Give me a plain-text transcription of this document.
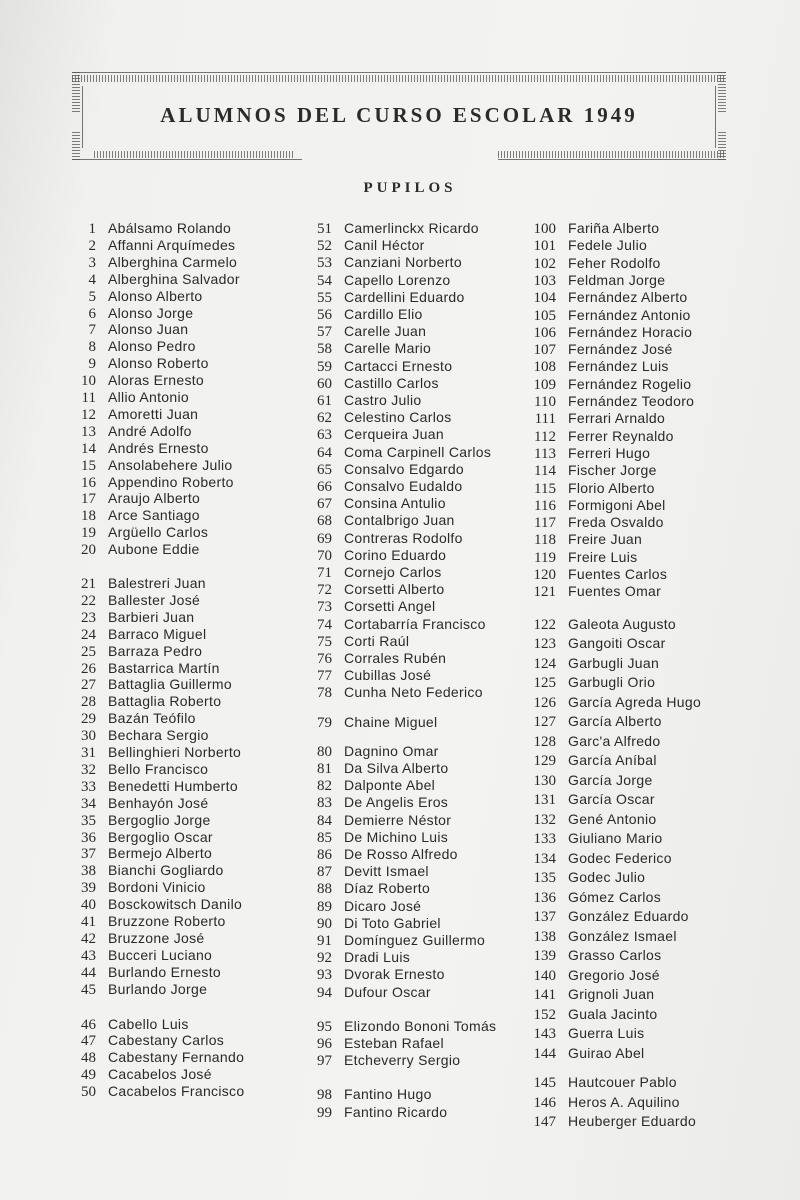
ALUMNOS DEL CURSO ESCOLAR 1949
PUPILOS
1 Abálsamo Rolando
2 Affanni Arquímedes
3 Alberghina Carmelo
4 Alberghina Salvador
5 Alonso Alberto
6 Alonso Jorge
7 Alonso Juan
8 Alonso Pedro
9 Alonso Roberto
10 Aloras Ernesto
11 Allio Antonio
12 Amoretti Juan
13 André Adolfo
14 Andrés Ernesto
15 Ansolabehere Julio
16 Appendino Roberto
17 Araujo Alberto
18 Arce Santiago
19 Argüello Carlos
20 Aubone Eddie
21 Balestreri Juan
22 Ballester José
23 Barbieri Juan
24 Barraco Miguel
25 Barraza Pedro
26 Bastarrica Martín
27 Battaglia Guillermo
28 Battaglia Roberto
29 Bazán Teófilo
30 Bechara Sergio
31 Bellinghieri Norberto
32 Bello Francisco
33 Benedetti Humberto
34 Benhayón José
35 Bergoglio Jorge
36 Bergoglio Oscar
37 Bermejo Alberto
38 Bianchi Gogliardo
39 Bordoni Vinicio
40 Bosckowitsch Danilo
41 Bruzzone Roberto
42 Bruzzone José
43 Bucceri Luciano
44 Burlando Ernesto
45 Burlando Jorge
46 Cabello Luis
47 Cabestany Carlos
48 Cabestany Fernando
49 Cacabelos José
50 Cacabelos Francisco
51 Camerlinckx Ricardo
52 Canil Héctor
53 Canziani Norberto
54 Capello Lorenzo
55 Cardellini Eduardo
56 Cardillo Elio
57 Carelle Juan
58 Carelle Mario
59 Cartacci Ernesto
60 Castillo Carlos
61 Castro Julio
62 Celestino Carlos
63 Cerqueira Juan
64 Coma Carpinell Carlos
65 Consalvo Edgardo
66 Consalvo Eudaldo
67 Consina Antulio
68 Contalbrigo Juan
69 Contreras Rodolfo
70 Corino Eduardo
71 Cornejo Carlos
72 Corsetti Alberto
73 Corsetti Angel
74 Cortabarría Francisco
75 Corti Raúl
76 Corrales Rubén
77 Cubillas José
78 Cunha Neto Federico
79 Chaine Miguel
80 Dagnino Omar
81 Da Silva Alberto
82 Dalponte Abel
83 De Angelis Eros
84 Demierre Néstor
85 De Michino Luis
86 De Rosso Alfredo
87 Devitt Ismael
88 Díaz Roberto
89 Dicaro José
90 Di Toto Gabriel
91 Domínguez Guillermo
92 Dradi Luis
93 Dvorak Ernesto
94 Dufour Oscar
95 Elizondo Bononi Tomás
96 Esteban Rafael
97 Etcheverry Sergio
98 Fantino Hugo
99 Fantino Ricardo
100 Fariña Alberto
101 Fedele Julio
102 Feher Rodolfo
103 Feldman Jorge
104 Fernández Alberto
105 Fernández Antonio
106 Fernández Horacio
107 Fernández José
108 Fernández Luis
109 Fernández Rogelio
110 Fernández Teodoro
111 Ferrari Arnaldo
112 Ferrer Reynaldo
113 Ferreri Hugo
114 Fischer Jorge
115 Florio Alberto
116 Formigoni Abel
117 Freda Osvaldo
118 Freire Juan
119 Freire Luis
120 Fuentes Carlos
121 Fuentes Omar
122 Galeota Augusto
123 Gangoiti Oscar
124 Garbugli Juan
125 Garbugli Orio
126 García Agreda Hugo
127 García Alberto
128 Garc'a Alfredo
129 García Aníbal
130 García Jorge
131 García Oscar
132 Gené Antonio
133 Giuliano Mario
134 Godec Federico
135 Godec Julio
136 Gómez Carlos
137 González Eduardo
138 González Ismael
139 Grasso Carlos
140 Gregorio José
141 Grignoli Juan
152 Guala Jacinto
143 Guerra Luis
144 Guirao Abel
145 Hautcouer Pablo
146 Heros A. Aquilino
147 Heuberger Eduardo
